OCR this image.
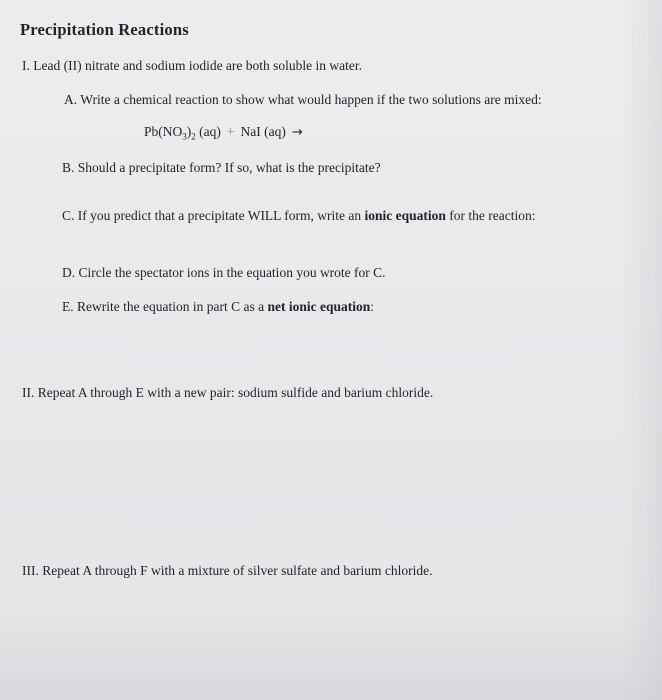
Precipitation Reactions
I. Lead (II) nitrate and sodium iodide are both soluble in water.
A. Write a chemical reaction to show what would happen if the two solutions are mixed:
$Pb(NO_3)_2$ (aq) + NaI (aq) →
B. Should a precipitate form? If so, what is the precipitate?
C. If you predict that a precipitate WILL form, write an ionic equation for the reaction:
D. Circle the spectator ions in the equation you wrote for C.
E. Rewrite the equation in part C as a net ionic equation:
II. Repeat A through E with a new pair: sodium sulfide and barium chloride.
III. Repeat A through F with a mixture of silver sulfate and barium chloride.
